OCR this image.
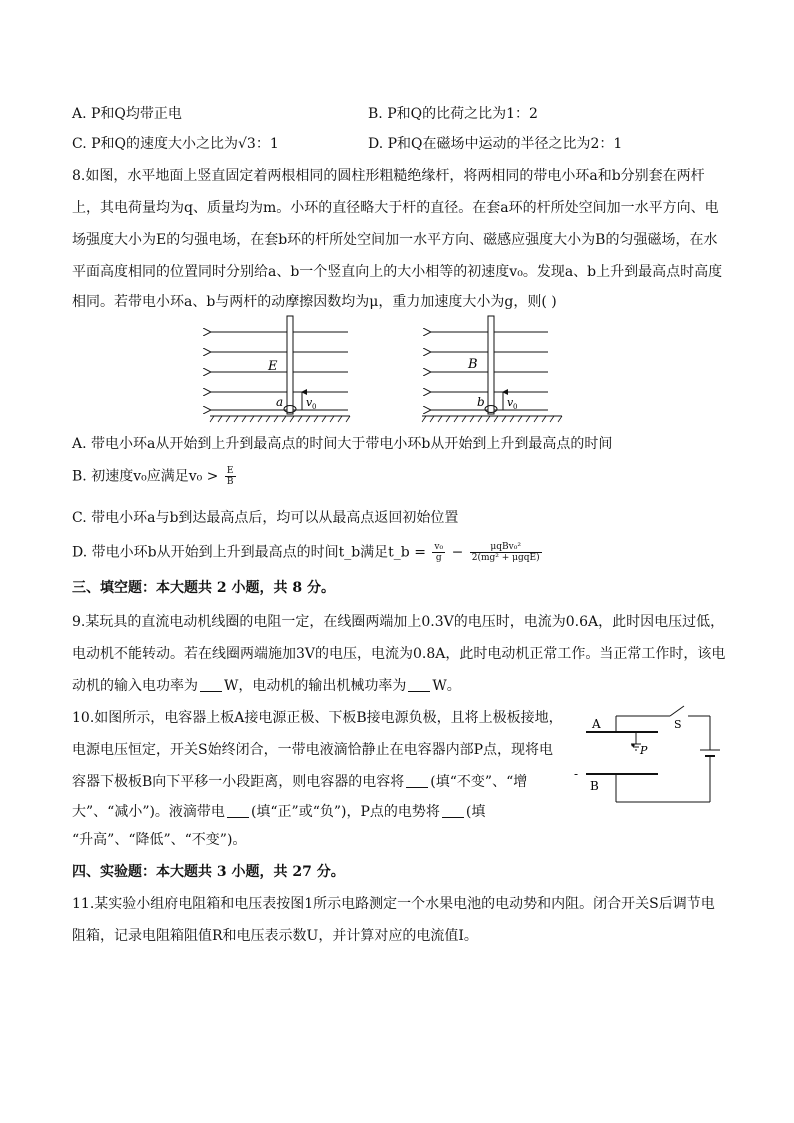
A. P和Q均带正电	B. P和Q的比荷之比为1：2
C. P和Q的速度大小之比为√3：1	D. P和Q在磁场中运动的半径之比为2：1
8.如图，水平地面上竖直固定着两根相同的圆柱形粗糙绝缘杆，将两相同的带电小环a和b分别套在两杆
上，其电荷量均为q、质量均为m。小环的直径略大于杆的直径。在套a环的杆所处空间加一水平方向、电
场强度大小为E的匀强电场，在套b环的杆所处空间加一水平方向、磁感应强度大小为B的匀强磁场，在水
平面高度相同的位置同时分别给a、b一个竖直向上的大小相等的初速度v₀。发现a、b上升到最高点时高度
相同。若带电小环a、b与两杆的动摩擦因数均为μ，重力加速度大小为g，则( )
E
a v 0
B
b v 0
A. 带电小环a从开始到上升到最高点的时间大于带电小环b从开始到上升到最高点的时间
B. 初速度v₀应满足$v_0 > \frac{E}{B}$
C. 带电小环a与b到达最高点后，均可以从最高点返回初始位置
D. 带电小环b从开始到上升到最高点的时间t_b满足t_b = $\frac{\text{v₀}}{g} - \frac{\text{μqBv₀²}}{\text{2(mg² + μgqE)}}$
三、填空题：本大题共 2 小题，共 8 分。
9.某玩具的直流电动机线圈的电阻一定，在线圈两端加上0.3V的电压时，电流为0.6A，此时因电压过低，
电动机不能转动。若在线圈两端施加3V的电压，电流为0.8A，此时电动机正常工作。当正常工作时，该电
动机的输入电功率为 W，电动机的输出机械功率为 W。
10.如图所示，电容器上板A接电源正极、下板B接电源负极，且将上极板接地，
电源电压恒定，开关S始终闭合，一带电液滴恰静止在电容器内部P点，现将电
容器下极板B向下平移一小段距离，则电容器的电容将 (填“不变”、“增
大”、“减小”)。液滴带电 (填“正”或“负”)，P点的电势将 (填
“升高”、“降低”、“不变”)。
A
B
S
P
-
四、实验题：本大题共 3 小题，共 27 分。
11.某实验小组府电阻箱和电压表按图1所示电路测定一个水果电池的电动势和内阻。闭合开关S后调节电
阻箱，记录电阻箱阻值R和电压表示数U，并计算对应的电流值I。
